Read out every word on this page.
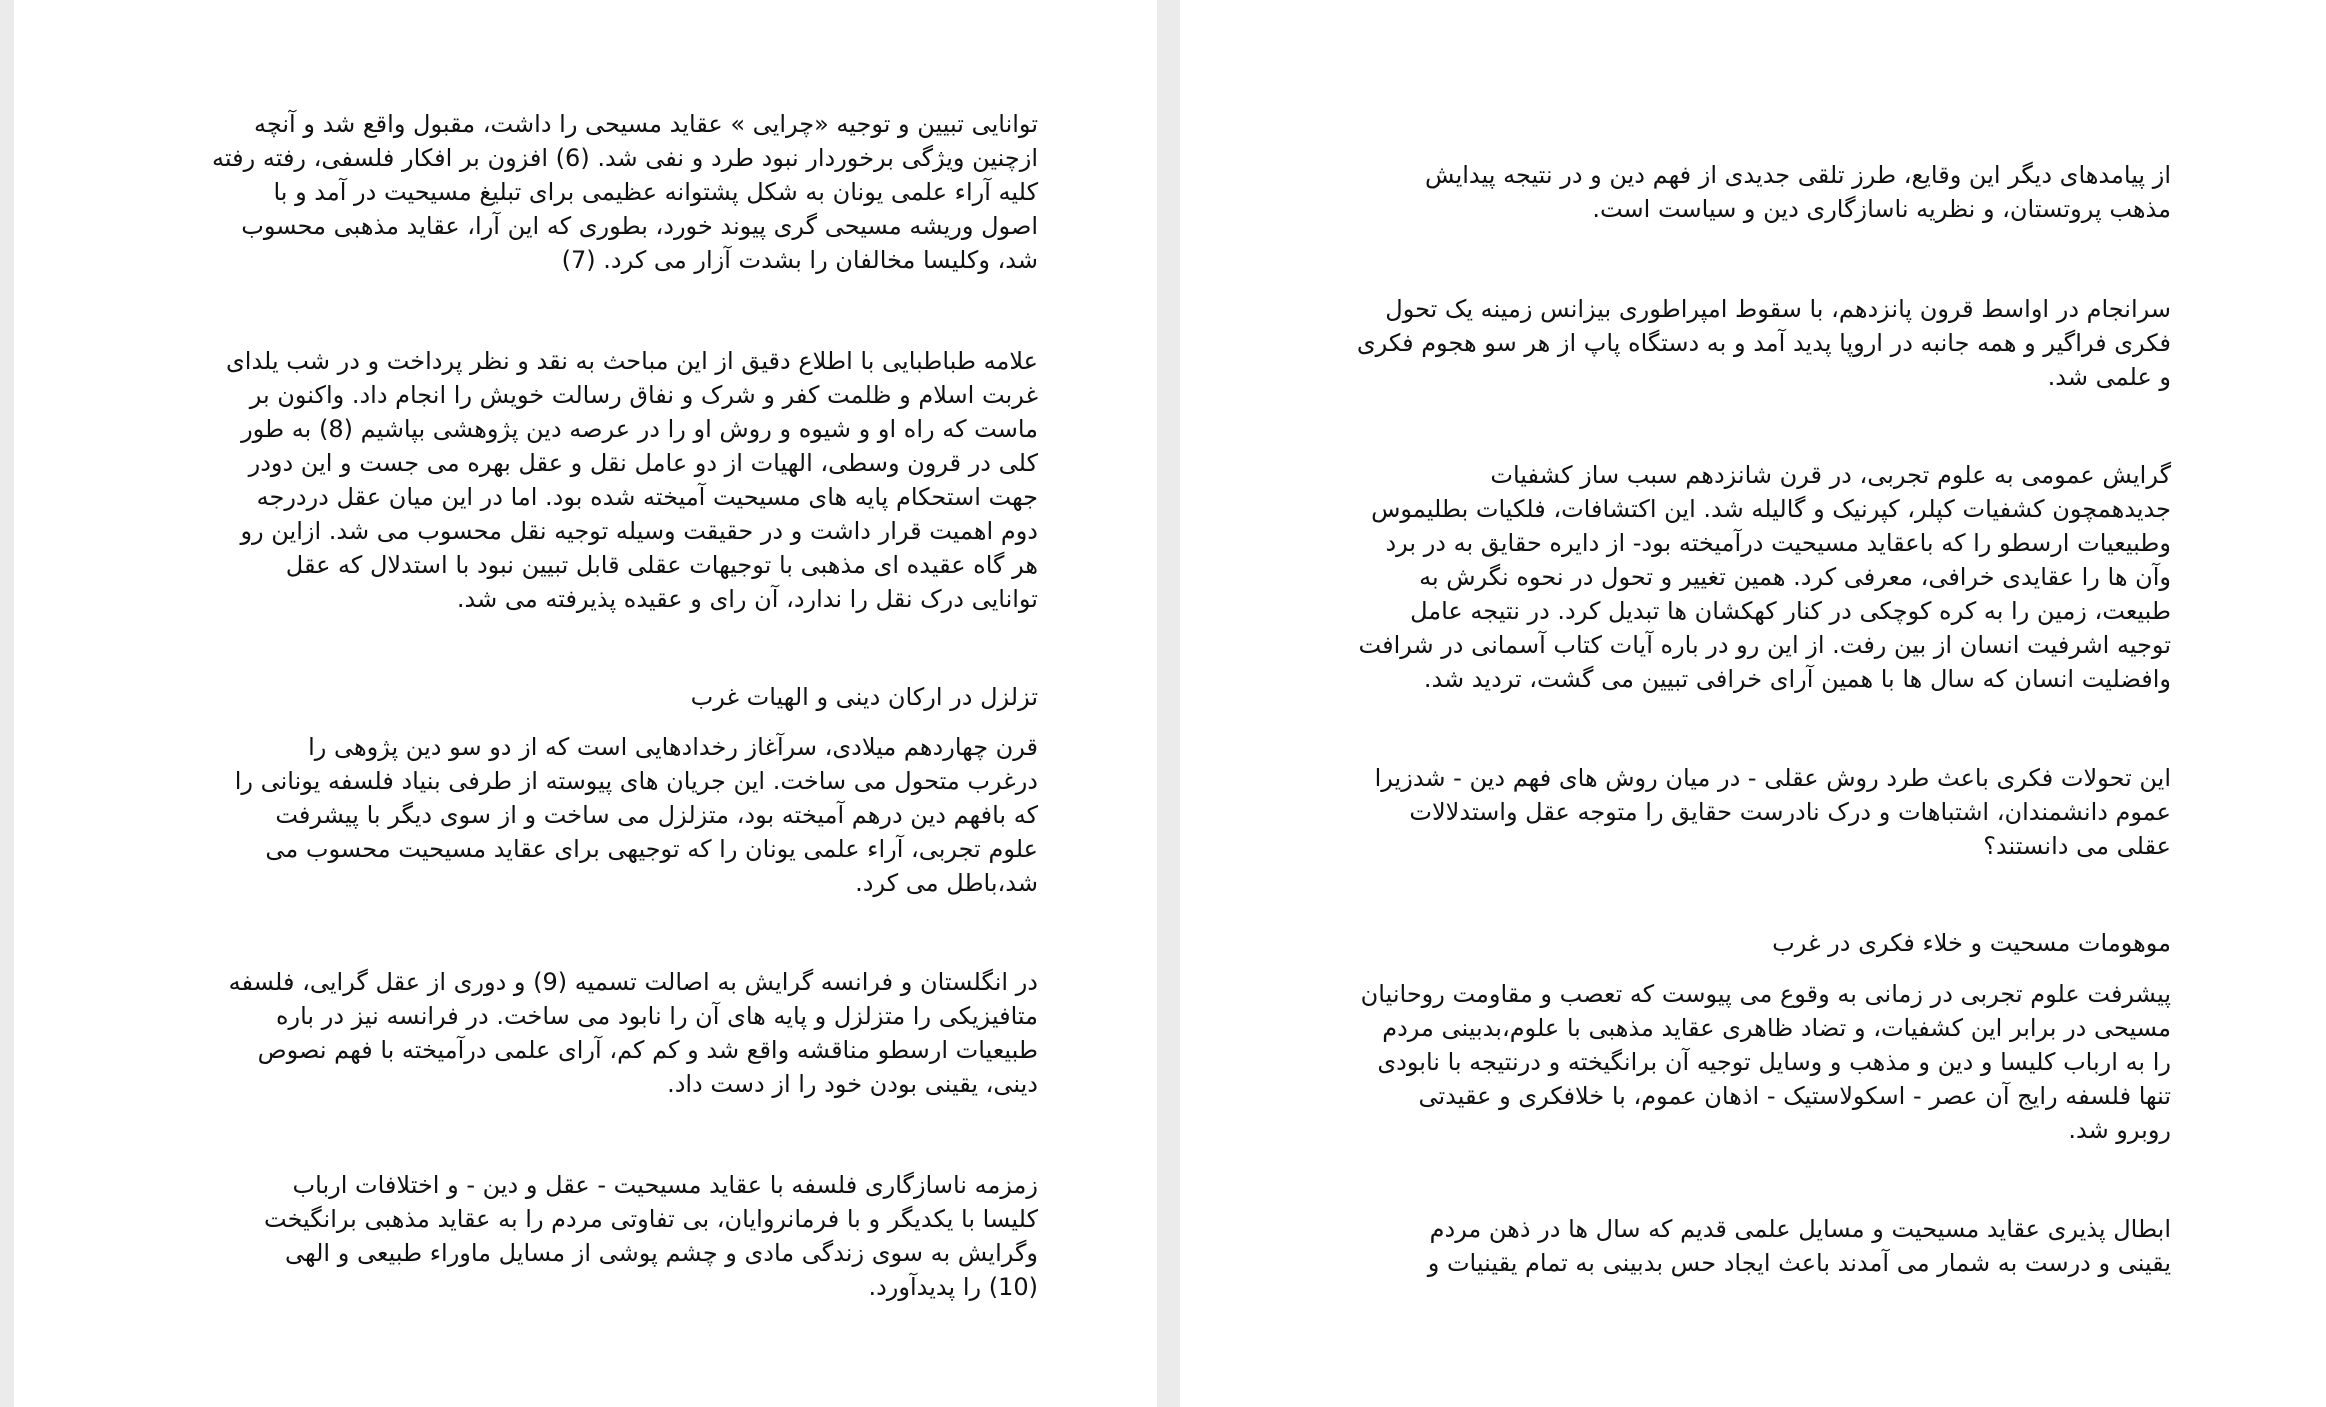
توانایی تبیین و توجیه «چرایی » عقاید مسیحی را داشت، مقبول واقع شد و آنچه
ازچنین ویژگی برخوردار نبود طرد و نفی شد. (6) افزون بر افکار فلسفی، رفته رفته
کلیه آراء علمی یونان به شکل پشتوانه عظیمی برای تبلیغ مسیحیت در آمد و با
اصول وریشه مسیحی گری پیوند خورد، بطوری که این آرا، عقاید مذهبی محسوب
شد، وکلیسا مخالفان را بشدت آزار می کرد. (7)

علامه طباطبایی با اطلاع دقیق از این مباحث به نقد و نظر پرداخت و در شب یلدای
غربت اسلام و ظلمت کفر و شرک و نفاق رسالت خویش را انجام داد. واکنون بر
ماست که راه او و شیوه و روش او را در عرصه دین پژوهشی بپاشیم (8) به طور
کلی در قرون وسطی، الهیات از دو عامل نقل و عقل بهره می جست و این دودر
جهت استحکام پایه های مسیحیت آمیخته شده بود. اما در این میان عقل دردرجه
دوم اهمیت قرار داشت و در حقیقت وسیله توجیه نقل محسوب می شد. ازاین رو
هر گاه عقیده ای مذهبی با توجیهات عقلی قابل تبیین نبود با استدلال که عقل
توانایی درک نقل را ندارد، آن رای و عقیده پذیرفته می شد.

تزلزل در ارکان دینی و الهیات غرب

قرن چهاردهم میلادی، سرآغاز رخدادهایی است که از دو سو دین پژوهی را
درغرب متحول می ساخت. این جریان های پیوسته از طرفی بنیاد فلسفه یونانی را
که بافهم دین درهم آمیخته بود، متزلزل می ساخت و از سوی دیگر با پیشرفت
علوم تجربی، آراء علمی یونان را که توجیهی برای عقاید مسیحیت محسوب می
شد،باطل می کرد.

در انگلستان و فرانسه گرایش به اصالت تسمیه (9) و دوری از عقل گرایی، فلسفه
متافیزیکی را متزلزل و پایه های آن را نابود می ساخت. در فرانسه نیز در باره
طبیعیات ارسطو مناقشه واقع شد و کم کم، آرای علمی درآمیخته با فهم نصوص
دینی، یقینی بودن خود را از دست داد.

زمزمه ناسازگاری فلسفه با عقاید مسیحیت - عقل و دین - و اختلافات ارباب
کلیسا با یکدیگر و با فرمانروایان، بی تفاوتی مردم را به عقاید مذهبی برانگیخت
وگرایش به سوی زندگی مادی و چشم پوشی از مسایل ماوراء طبیعی و الهی
(10) را پدیدآورد.

از پیامدهای دیگر این وقایع، طرز تلقی جدیدی از فهم دین و در نتیجه پیدایش
مذهب پروتستان، و نظریه ناسازگاری دین و سیاست است.

سرانجام در اواسط قرون پانزدهم، با سقوط امپراطوری بیزانس زمینه یک تحول
فکری فراگیر و همه جانبه در اروپا پدید آمد و به دستگاه پاپ از هر سو هجوم فکری
و علمی شد.

گرایش عمومی به علوم تجربی، در قرن شانزدهم سبب ساز کشفیات
جدیدهمچون کشفیات کپلر، کپرنیک و گالیله شد. این اکتشافات، فلکیات بطلیموس
وطبیعیات ارسطو را که باعقاید مسیحیت درآمیخته بود- از دایره حقایق به در برد
وآن ها را عقایدی خرافی، معرفی کرد. همین تغییر و تحول در نحوه نگرش به
طبیعت، زمین را به کره کوچکی در کنار کهکشان ها تبدیل کرد. در نتیجه عامل
توجیه اشرفیت انسان از بین رفت. از این رو در باره آیات کتاب آسمانی در شرافت
وافضلیت انسان که سال ها با همین آرای خرافی تبیین می گشت، تردید شد.

این تحولات فکری باعث طرد روش عقلی - در میان روش های فهم دین - شدزیرا
عموم دانشمندان، اشتباهات و درک نادرست حقایق را متوجه عقل واستدلالات
عقلی می دانستند؟

موهومات مسحیت و خلاء فکری در غرب

پیشرفت علوم تجربی در زمانی به وقوع می پیوست که تعصب و مقاومت روحانیان
مسیحی در برابر این کشفیات، و تضاد ظاهری عقاید مذهبی با علوم،بدبینی مردم
را به ارباب کلیسا و دین و مذهب و وسایل توجیه آن برانگیخته و درنتیجه با نابودی
تنها فلسفه رایج آن عصر - اسکولاستیک - اذهان عموم، با خلافکری و عقیدتی
روبرو شد.

ابطال پذیری عقاید مسیحیت و مسایل علمی قدیم که سال ها در ذهن مردم
یقینی و درست به شمار می آمدند باعث ایجاد حس بدبینی به تمام یقینیات و
